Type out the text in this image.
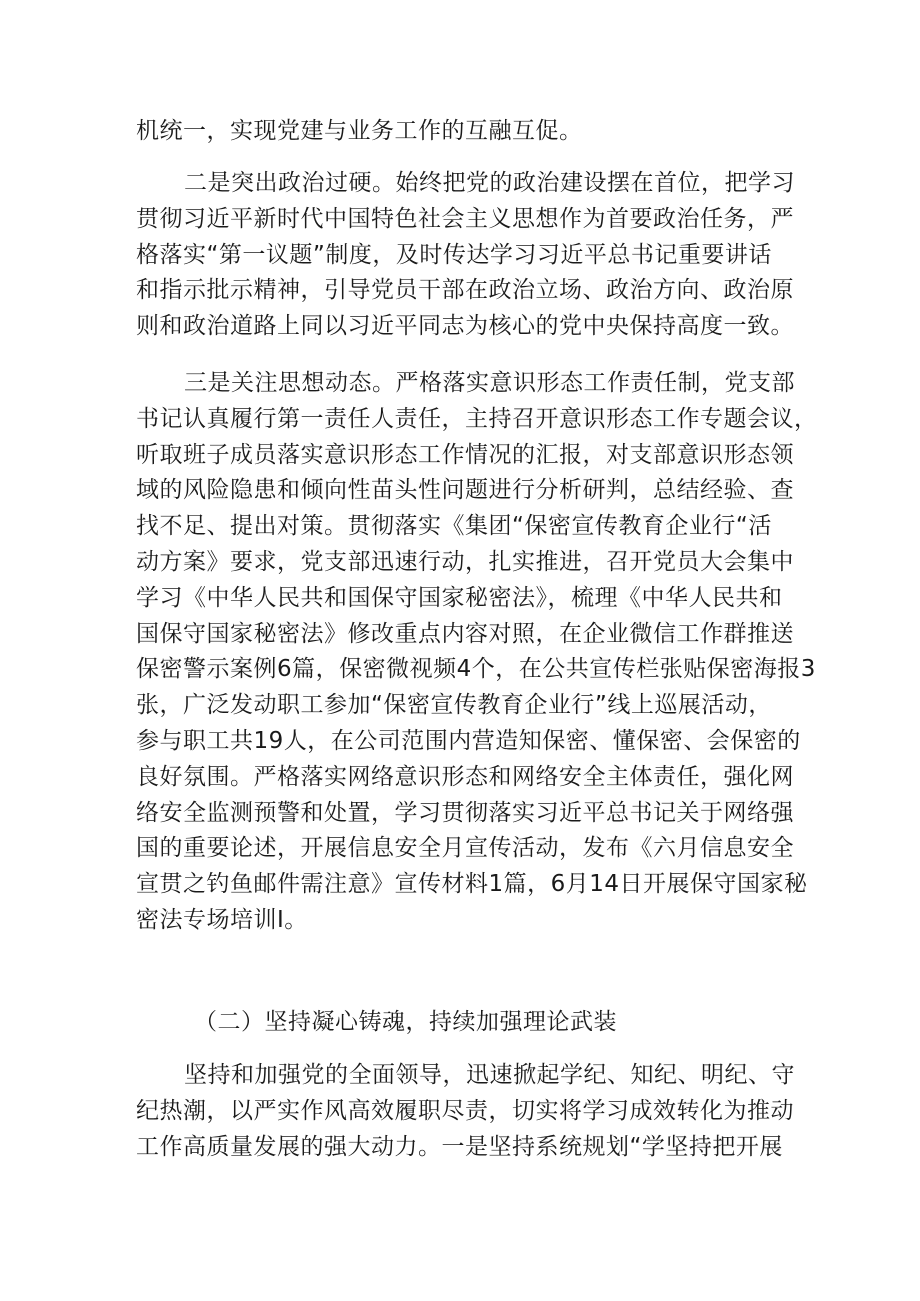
机统一，实现党建与业务工作的互融互促。
二是突出政治过硬。始终把党的政治建设摆在首位，把学习
贯彻习近平新时代中国特色社会主义思想作为首要政治任务，严
格落实“第一议题”制度，及时传达学习习近平总书记重要讲话
和指示批示精神，引导党员干部在政治立场、政治方向、政治原
则和政治道路上同以习近平同志为核心的党中央保持高度一致。
三是关注思想动态。严格落实意识形态工作责任制，党支部
书记认真履行第一责任人责任，主持召开意识形态工作专题会议，
听取班子成员落实意识形态工作情况的汇报，对支部意识形态领
域的风险隐患和倾向性苗头性问题进行分析研判，总结经验、查
找不足、提出对策。贯彻落实《集团“保密宣传教育企业行“活
动方案》要求，党支部迅速行动，扎实推进，召开党员大会集中
学习《中华人民共和国保守国家秘密法》，梳理《中华人民共和
国保守国家秘密法》修改重点内容对照，在企业微信工作群推送
保密警示案例6篇，保密微视频4个，在公共宣传栏张贴保密海报3
张，广泛发动职工参加“保密宣传教育企业行”线上巡展活动，
参与职工共19人，在公司范围内营造知保密、懂保密、会保密的
良好氛围。严格落实网络意识形态和网络安全主体责任，强化网
络安全监测预警和处置，学习贯彻落实习近平总书记关于网络强
国的重要论述，开展信息安全月宣传活动，发布《六月信息安全
宣贯之钓鱼邮件需注意》宣传材料1篇，6月14日开展保守国家秘
密法专场培训I。
（二）坚持凝心铸魂，持续加强理论武装
坚持和加强党的全面领导，迅速掀起学纪、知纪、明纪、守
纪热潮，以严实作风高效履职尽责，切实将学习成效转化为推动
工作高质量发展的强大动力。一是坚持系统规划“学坚持把开展
